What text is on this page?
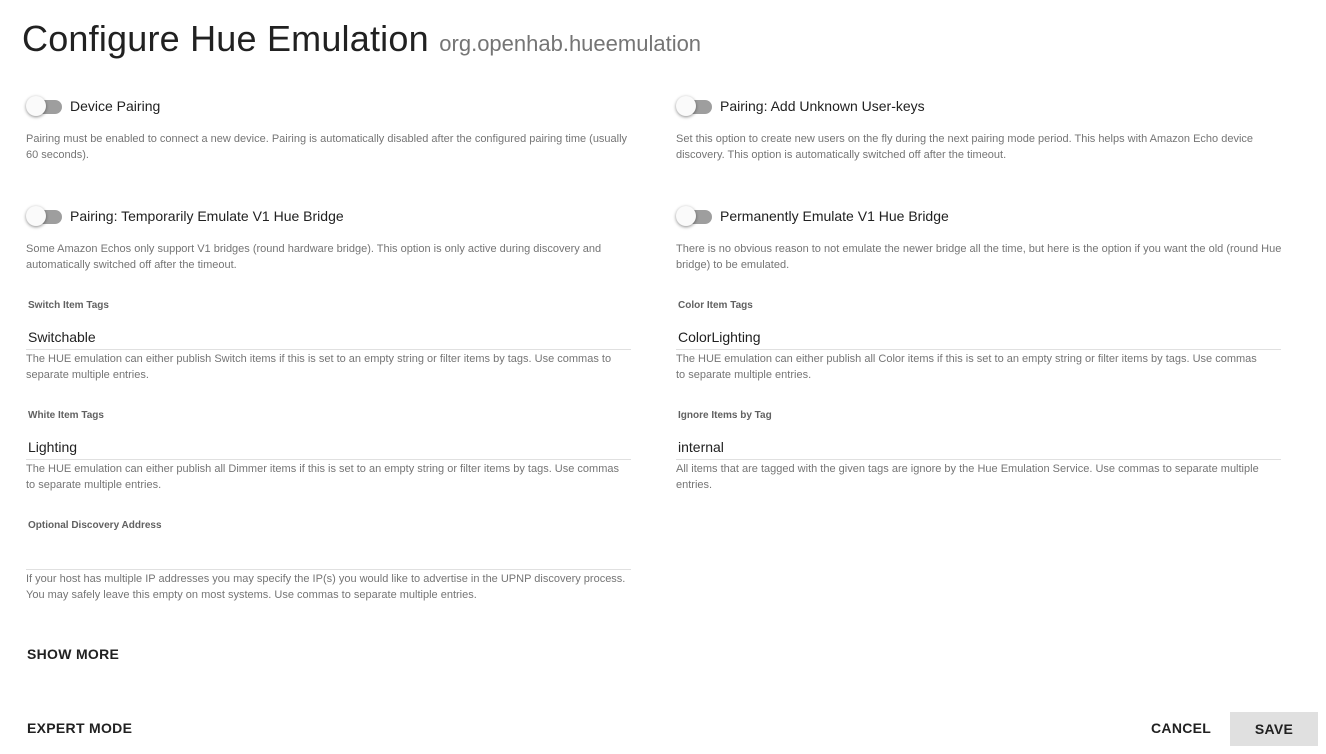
Configure Hue Emulation org.openhab.hueemulation
Device Pairing
Pairing must be enabled to connect a new device. Pairing is automatically disabled after the configured pairing time (usually 60 seconds).
Pairing: Temporarily Emulate V1 Hue Bridge
Some Amazon Echos only support V1 bridges (round hardware bridge). This option is only active during discovery and automatically switched off after the timeout.
Switch Item Tags
Switchable
The HUE emulation can either publish Switch items if this is set to an empty string or filter items by tags. Use commas to separate multiple entries.
White Item Tags
Lighting
The HUE emulation can either publish all Dimmer items if this is set to an empty string or filter items by tags. Use commas to separate multiple entries.
Optional Discovery Address
If your host has multiple IP addresses you may specify the IP(s) you would like to advertise in the UPNP discovery process. You may safely leave this empty on most systems. Use commas to separate multiple entries.
Pairing: Add Unknown User-keys
Set this option to create new users on the fly during the next pairing mode period. This helps with Amazon Echo device discovery. This option is automatically switched off after the timeout.
Permanently Emulate V1 Hue Bridge
There is no obvious reason to not emulate the newer bridge all the time, but here is the option if you want the old (round Hue bridge) to be emulated.
Color Item Tags
ColorLighting
The HUE emulation can either publish all Color items if this is set to an empty string or filter items by tags. Use commas to separate multiple entries.
Ignore Items by Tag
internal
All items that are tagged with the given tags are ignore by the Hue Emulation Service. Use commas to separate multiple entries.
SHOW MORE
EXPERT MODE	CANCEL	SAVE
